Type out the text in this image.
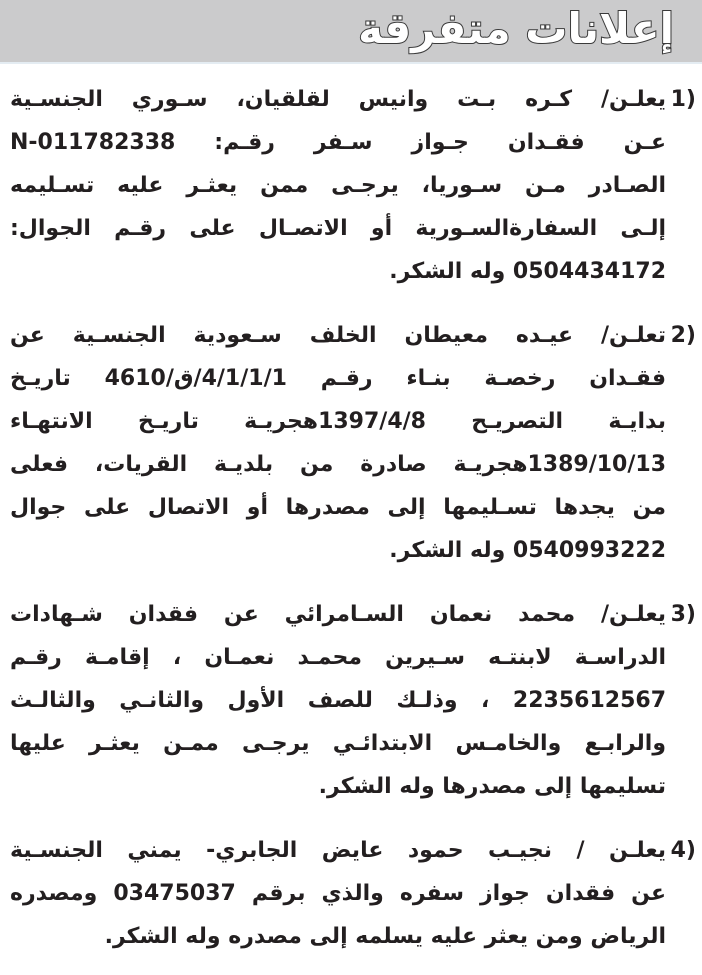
إعلانات متفرقة
1)
يعلـن/ كـره بـت وانيس لقلقيان، سـوري الجنسـية
عـن فقـدان جـواز سـفر رقـم: N-011782338
الصـادر مـن سـوريا، يرجـى ممن يعثـر عليه تسـليمه
إلـى السفارةالسـورية أو الاتصـال على رقـم الجوال:
0504434172 وله الشكر.
2)
تعلـن/ عيـده معيطان الخلف سـعودية الجنسـية عن
فقـدان رخصـة بنـاء رقـم 4/1/1/1/ق/4610 تاريـخ
بدايـة التصريـح 1397/4/8هجريـة تاريـخ الانتهـاء
1389/10/13هجريـة صادرة من بلديـة القريات، فعلى
من يجدها تسـليمها إلى مصدرها أو الاتصال على جوال
0540993222 وله الشكر.
3)
يعلـن/ محمد نعمان السـامرائي عن فقدان شـهادات
الدراسـة لابنتـه سـيرين محمـد نعمـان ، إقامـة رقـم
2235612567 ، وذلـك للصف الأول والثانـي والثالـث
والرابـع والخامـس الابتدائـي يرجـى ممـن يعثـر عليها
تسليمها إلى مصدرها وله الشكر.
4)
يعلـن / نجيـب حمود عايض الجابري- يمني الجنسـية
عن فقدان جواز سفره والذي برقم 03475037 ومصدره
الرياض ومن يعثر عليه يسلمه إلى مصدره وله الشكر.
